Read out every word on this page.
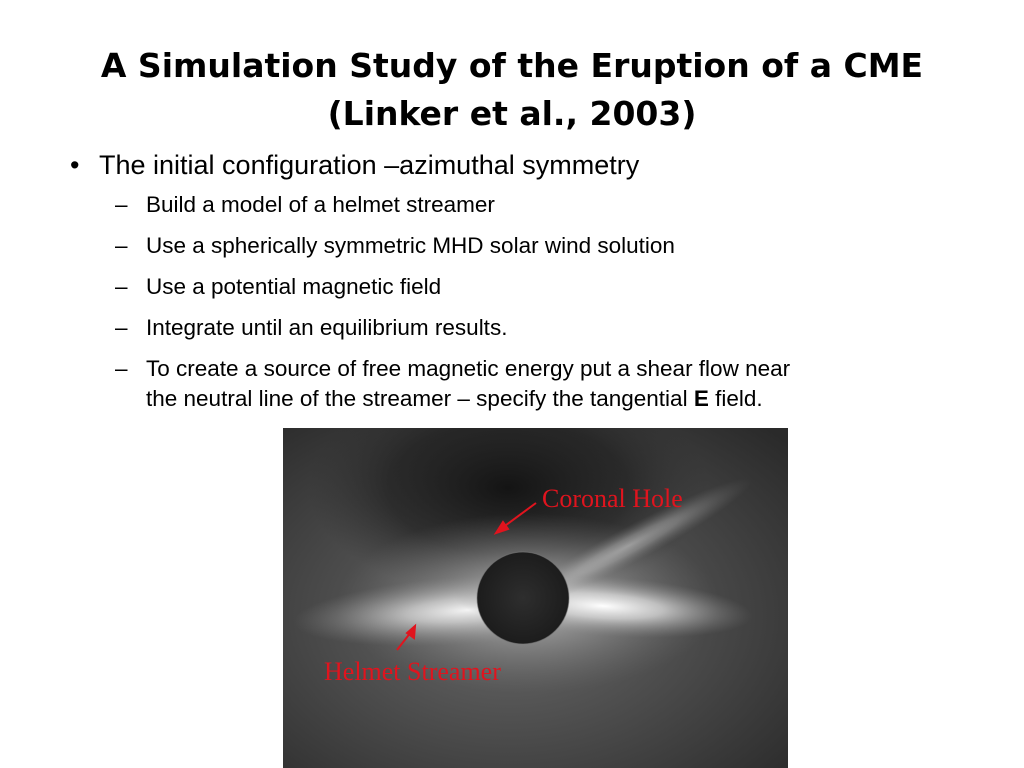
A Simulation Study of the Eruption of a CME
(Linker et al., 2003)
• The initial configuration –azimuthal symmetry
– Build a model of a helmet streamer
– Use a spherically symmetric MHD solar wind solution
– Use a potential magnetic field
– Integrate until an equilibrium results.
– To create a source of free magnetic energy put a shear flow near
the neutral line of the streamer – specify the tangential E field.
Coronal Hole
Helmet Streamer
